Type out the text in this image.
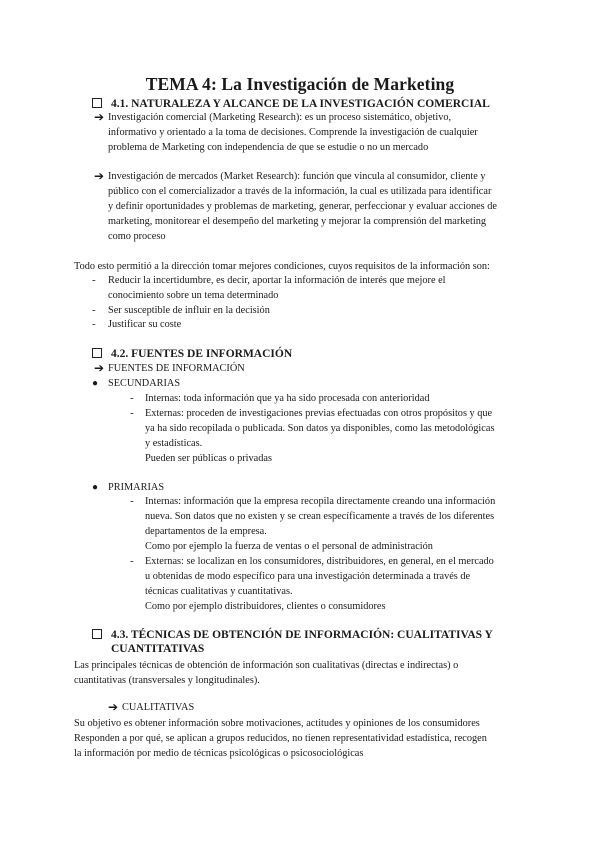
TEMA 4: La Investigación de Marketing
4.1. NATURALEZA Y ALCANCE DE LA INVESTIGACIÓN COMERCIAL
➔ Investigación comercial (Marketing Research): es un proceso sistemático, objetivo,
informativo y orientado a la toma de decisiones. Comprende la investigación de cualquier
problema de Marketing con independencia de que se estudie o no un mercado
➔ Investigación de mercados (Market Research): función que vincula al consumidor, cliente y
público con el comercializador a través de la información, la cual es utilizada para identificar
y definir oportunidades y problemas de marketing, generar, perfeccionar y evaluar acciones de
marketing, monitorear el desempeño del marketing y mejorar la comprensión del marketing
como proceso
Todo esto permitió a la dirección tomar mejores condiciones, cuyos requisitos de la información son:
- Reducir la incertidumbre, es decir, aportar la información de interés que mejore el
conocimiento sobre un tema determinado
- Ser susceptible de influir en la decisión
- Justificar su coste
4.2. FUENTES DE INFORMACIÓN
➔ FUENTES DE INFORMACIÓN
● SECUNDARIAS
- Internas: toda información que ya ha sido procesada con anterioridad
- Externas: proceden de investigaciones previas efectuadas con otros propósitos y que
ya ha sido recopilada o publicada. Son datos ya disponibles, como las metodológicas
y estadísticas.
Pueden ser públicas o privadas
● PRIMARIAS
- Internas: información que la empresa recopila directamente creando una información
nueva. Son datos que no existen y se crean específicamente a través de los diferentes
departamentos de la empresa.
Como por ejemplo la fuerza de ventas o el personal de administración
- Externas: se localizan en los consumidores, distribuidores, en general, en el mercado
u obtenidas de modo específico para una investigación determinada a través de
técnicas cualitativas y cuantitativas.
Como por ejemplo distribuidores, clientes o consumidores
4.3. TÉCNICAS DE OBTENCIÓN DE INFORMACIÓN: CUALITATIVAS Y CUANTITATIVAS
Las principales técnicas de obtención de información son cualitativas (directas e indirectas) o
cuantitativas (transversales y longitudinales).
➔ CUALITATIVAS
Su objetivo es obtener información sobre motivaciones, actitudes y opiniones de los consumidores
Responden a por qué, se aplican a grupos reducidos, no tienen representatividad estadística, recogen
la información por medio de técnicas psicológicas o psicosociológicas
